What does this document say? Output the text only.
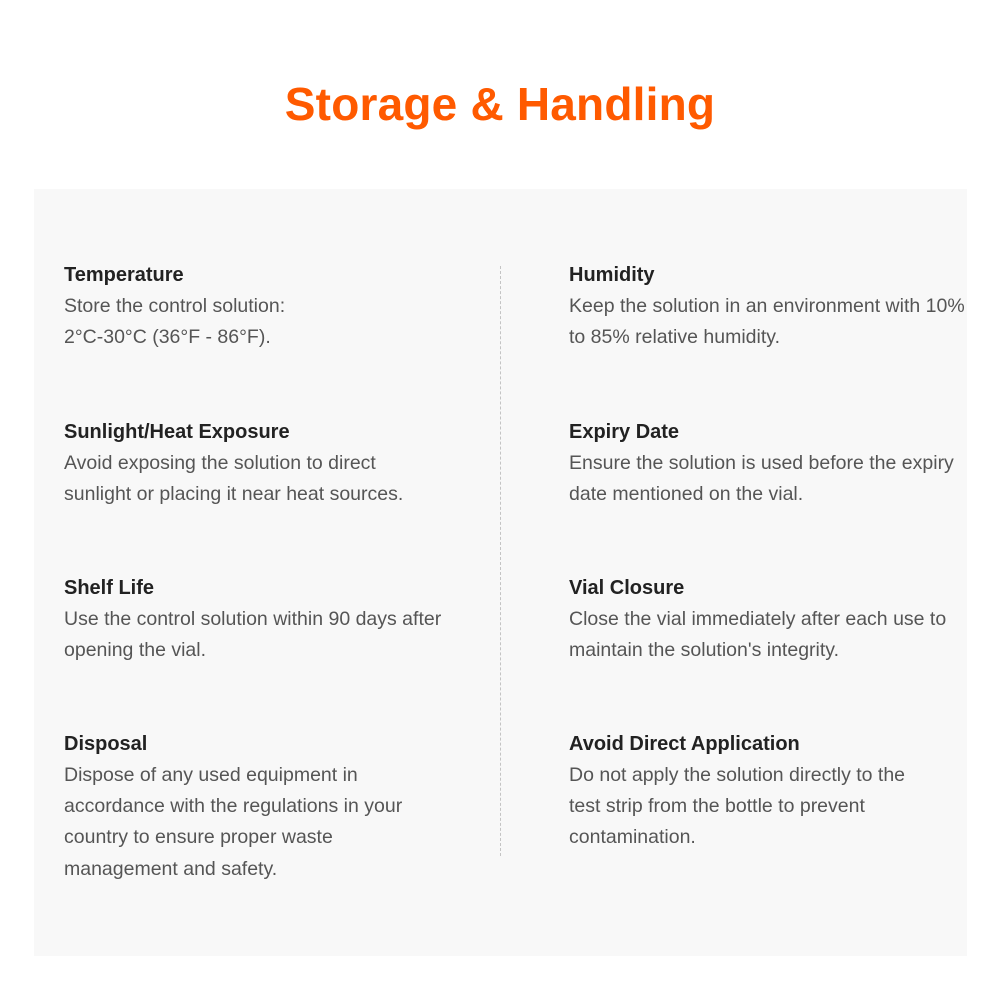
Storage & Handling

Temperature

Store the control solution:
2°C-30°C (36°F - 86°F).

Humidity

Keep the solution in an environment with 10% to 85% relative humidity.

Sunlight/Heat Exposure

Avoid exposing the solution to direct sunlight or placing it near heat sources.

Expiry Date

Ensure the solution is used before the expiry date mentioned on the vial.

Shelf Life

Use the control solution within 90 days after opening the vial.

Vial Closure

Close the vial immediately after each use to maintain the solution's integrity.

Disposal

Dispose of any used equipment in accordance with the regulations in your country to ensure proper waste management and safety.

Avoid Direct Application

Do not apply the solution directly to the test strip from the bottle to prevent contamination.
